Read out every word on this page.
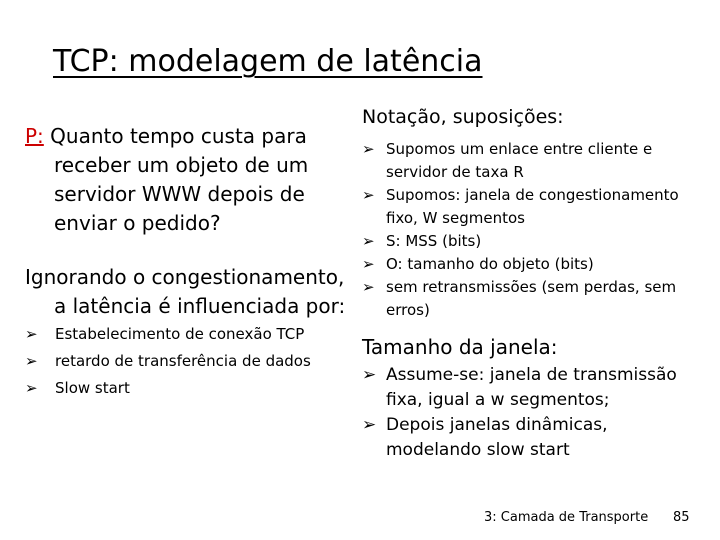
TCP: modelagem de latência
P: Quanto tempo custa para
receber um objeto de um
servidor WWW depois de
enviar o pedido?
Ignorando o congestionamento,
a latência é influenciada por:
➢ Estabelecimento de conexão TCP
➢ retardo de transferência de dados
➢ Slow start
Notação, suposições:
➢ Supomos um enlace entre cliente e
servidor de taxa R
➢ Supomos: janela de congestionamento
fixo, W segmentos
➢ S: MSS (bits)
➢ O: tamanho do objeto (bits)
➢ sem retransmissões (sem perdas, sem
erros)
Tamanho da janela:
➢ Assume-se: janela de transmissão
fixa, igual a w segmentos;
➢ Depois janelas dinâmicas,
modelando slow start
3: Camada de Transporte 85
